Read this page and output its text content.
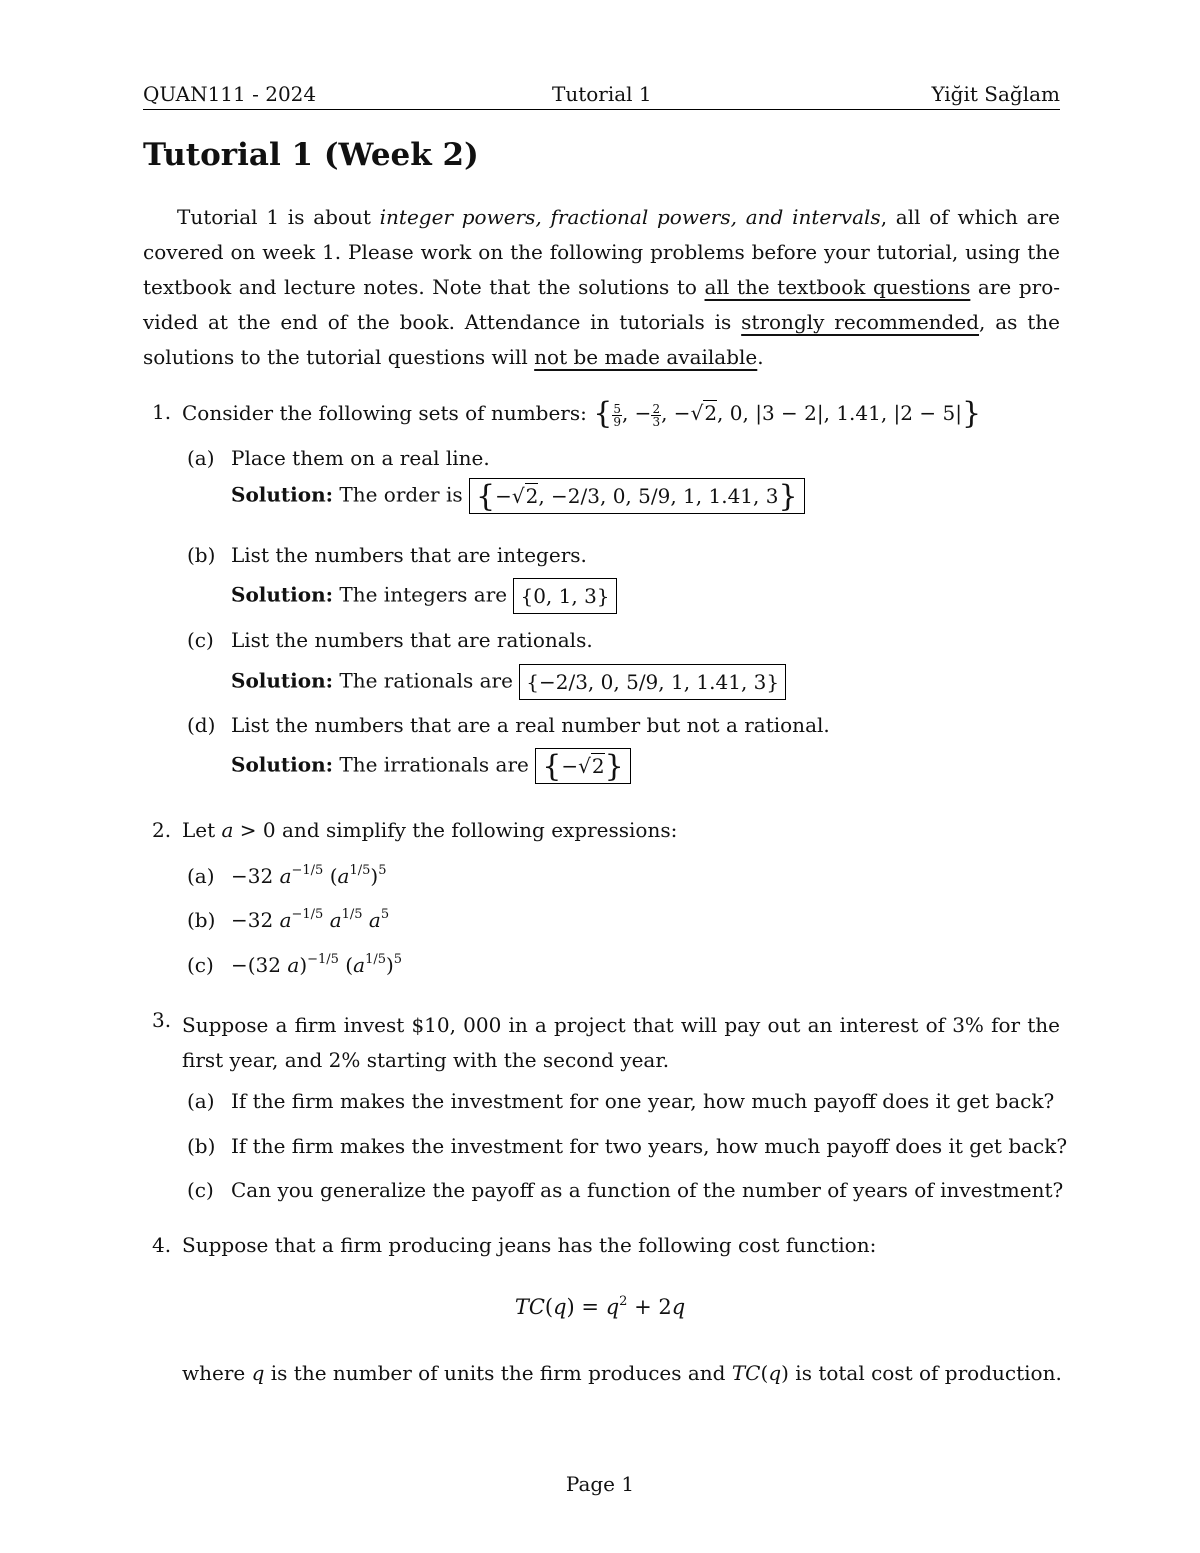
QUAN111 - 2024	Tutorial 1	Yiğit Sağlam
Tutorial 1 (Week 2)
Tutorial 1 is about integer powers, fractional powers, and intervals, all of which are
covered on week 1. Please work on the following problems before your tutorial, using the
textbook and lecture notes. Note that the solutions to all the textbook questions are pro-
vided at the end of the book. Attendance in tutorials is strongly recommended, as the
solutions to the tutorial questions will not be made available.
1. Consider the following sets of numbers: { $\frac{5}{9}$ , − $\frac{2}{3}$ , −√2, 0, |3 − 2|, 1.41, |2 − 5|}
(a) Place them on a real line.
Solution: The order is {−√2, −2/3, 0, 5/9, 1, 1.41, 3}
(b) List the numbers that are integers.
Solution: The integers are {0, 1, 3}
(c) List the numbers that are rationals.
Solution: The rationals are {−2/3, 0, 5/9, 1, 1.41, 3}
(d) List the numbers that are a real number but not a rational.
Solution: The irrationals are {−√2}
2. Let a > 0 and simplify the following expressions:
(a) −32 $a^{-1/5}$ $(a^{1/5})^5$
(b) −32 $a^{-1/5}$ $a^{1/5}$ $a^5$
(c) −(32 a)$^{-1/5}$ $(a^{1/5})^5$
3. Suppose a firm invest $10, 000 in a project that will pay out an interest of 3% for the
first year, and 2% starting with the second year.
(a) If the firm makes the investment for one year, how much payoff does it get back?
(b) If the firm makes the investment for two years, how much payoff does it get back?
(c) Can you generalize the payoff as a function of the number of years of investment?
4. Suppose that a firm producing jeans has the following cost function:
$TC(q) = q^2 + 2q$
where q is the number of units the firm produces and TC(q) is total cost of production.
Page 1
